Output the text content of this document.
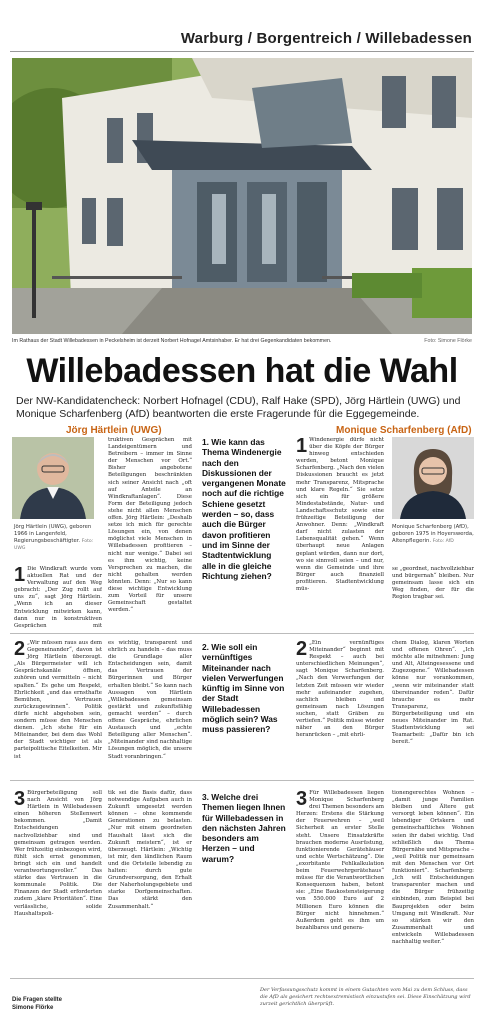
Warburg / Borgentreich / Willebadessen
Im Rathaus der Stadt Willebadessen in Peckelsheim ist derzeit Norbert Hofnagel Amtsinhaber. Er hat drei Gegenkandidaten bekommen.	Foto: Simone Flörke
Willebadessen hat die Wahl
Der NW-Kandidatencheck: Norbert Hofnagel (CDU), Ralf Hake (SPD), Jörg Härtlein (UWG) und Monique Scharfenberg (AfD) beantworten die erste Fragerunde für die Eggegemeinde.
Jörg Härtlein (UWG)	Monique Scharfenberg (AfD)
Jörg Härtlein (UWG), geboren 1966 in Langenfeld, Regierungsbeschäftigter. Foto: UWG
Monique Scharfenberg (AfD), geboren 1975 in Hoyerswerda, Altenpflegerin. Foto: AfD
1 Die Windkraft wurde vom aktuellen Rat und der Verwaltung auf den Weg gebracht: „Der Zug rollt auf uns zu“, sagt Jörg Härtlein. „Wenn ich an dieser Entwicklung mitwirken kann, dann nur in konstruktiven Gesprächen mit
truktiven Gesprächen mit Landeigentümern und Betreibern – immer im Sinne der Menschen vor Ort.“ Bisher angebotene Beteiligungen beschränkten sich seiner Ansicht nach „oft auf Anteile an Windkraftanlagen“. Diese Form der Beteiligung jedoch stehe nicht allen Menschen offen. Jörg Härtlein: „Deshalb setze ich mich für gerechte Lösungen ein, von denen möglichst viele Menschen in Willebadessen profitieren – nicht nur wenige.“ Dabei sei es ihm wichtig, keine Versprechen zu machen, die nicht gehalten werden könnten. Denn: „Nur so kann diese wichtige Entwicklung zum Vorteil für unsere Gemeinschaft gestaltet werden.“
1. Wie kann das Thema Windenergie nach den Diskussionen der vergangenen Monate noch auf die richtige Schiene gesetzt werden – so, dass auch die Bürger davon profitieren und im Sinne der Stadtentwicklung alle in die gleiche Richtung ziehen?
1 Windenergie dürfe nicht über die Köpfe der Bürger hinweg entschieden werden, betont Monique Scharfenberg. „Nach den vielen Diskussionen braucht es jetzt mehr Transparenz, Mitsprache und klare Regeln.“ Sie setze sich ein für größere Mindestabstände, Natur- und Landschaftsschutz sowie eine frühzeitige Beteiligung der Anwohner. Denn: „Windkraft darf nicht zulasten der Lebensqualität gehen.“ Wenn überhaupt neue Anlagen geplant würden, dann nur dort, wo sie sinnvoll seien – und nur, wenn die Gemeinde und ihre Bürger auch finanziell profitieren. Stadtentwicklung müs-
se „geordnet, nachvollziehbar und bürgernah“ bleiben. Nur gemeinsam lasse sich ein Weg finden, der für die Region tragbar sei.
2 „Wir müssen raus aus dem Gegeneinander“, davon ist Jörg Härtlein überzeugt. „Als Bürgermeister will ich Gesprächskanäle öffnen, zuhören und vermitteln – nicht spalten.“ Es gehe um Respekt, Ehrlichkeit „und das ernsthafte Bemühen, Vertrauen zurückzugewinnen“. Politik dürfe nicht abgehoben sein, sondern müsse den Menschen dienen. „Ich stehe für ein Miteinander, bei dem das Wohl der Stadt wichtiger ist als parteipolitische Eitelkeiten. Mir ist
es wichtig, transparent und ehrlich zu handeln – das muss die Grundlage aller Entscheidungen sein, damit das Vertrauen der Bürgerinnen und Bürger erhalten bleibt.“ So kann nach Aussagen von Härtlein „Willebadessen gemeinsam gestärkt und zukunftsfähig gemacht werden“ – durch offene Gespräche, ehrlichen Austausch und „echte Beteiligung aller Menschen“. „Miteinander sind nachhaltige Lösungen möglich, die unsere Stadt voranbringen.“
2. Wie soll ein vernünftiges Miteinander nach vielen Verwerfungen künftig im Sinne von der Stadt Willebadessen möglich sein? Was muss passieren?
2 „Ein vernünftiges Miteinander“ beginnt mit Respekt – auch bei unterschiedlichen Meinungen“, sagt Monique Scharfenberg. „Nach den Verwerfungen der letzten Zeit müssen wir wieder mehr aufeinander zugehen, sachlich bleiben und gemeinsam nach Lösungen suchen, statt Gräben zu vertiefen.“ Politik müsse wieder näher an den Bürger heranrücken – „mit ehrli-
chem Dialog, klaren Worten und offenen Ohren“. „Ich möchte alle mitnehmen: Jung und Alt, Alteingesessene und Zugezogene.“ Willebadessen könne nur vorankommen, „wenn wir miteinander statt übereinander reden“. Dafür brauche es mehr Transparenz, Bürgerbeteiligung und ein neues Miteinander im Rat. Stadtentwicklung sei Teamarbeit: „Dafür bin ich bereit.“
3 Bürgerbeteiligung soll nach Ansicht von Jörg Härtlein in Willebadessen einen höheren Stellenwert bekommen. „Damit Entscheidungen nachvollziehbar sind und gemeinsam getragen werden. Wer frühzeitig einbezogen wird, fühlt sich ernst genommen, bringt sich ein und handelt verantwortungsvoller.“ Das stärke das Vertrauen in die kommunale Politik. Die Finanzen der Stadt erforderten zudem „klare Prioritäten“. Eine verlässliche, solide Haushaltspoli-
tik sei die Basis dafür, dass notwendige Aufgaben auch in Zukunft umgesetzt werden können – ohne kommende Generationen zu belasten. „Nur mit einem geordneten Haushalt lässt sich die Zukunft meistern“, ist er überzeugt. Härtlein: „Wichtig ist mir, den ländlichen Raum und die Ortsteile lebendig zu halten: durch gute Grundversorgung, den Erhalt der Naherholungsgebiete und starke Dorfgemeinschaften. Das stärkt den Zusammenhalt.“
3. Welche drei Themen liegen Ihnen für Willebadessen in den nächsten Jahren besonders am Herzen – und warum?
3 Für Willebadessen liegen Monique Scharfenberg drei Themen besonders am Herzen: Erstens die Stärkung der Feuerwehren – „weil Sicherheit an erster Stelle steht. Unsere Einsatzkräfte brauchen moderne Ausrüstung, funktionierende Gerätehäuser und echte Wertschätzung“. Die „exorbitante Fehlkalkulation beim Feuerwehrgerätehaus“ müsse für die Verantwortlichen Konsequenzen haben, betont sie: „Eine Baukostensteigerung von 550.000 Euro auf 2 Millionen Euro können die Bürger nicht hinnehmen.“ Außerdem geht es ihm um bezahlbares und genera-
tionengerechtes Wohnen – „damit junge Familien bleiben und Ältere gut versorgt leben können“. Ein lebendiger Ortskern und gemeinschaftliches Wohnen seien ihr dabei wichtig. Und schließlich das Thema Bürgernähe und Mitsprache – „weil Politik nur gemeinsam mit den Menschen vor Ort funktioniert“. Scharfenberg: „Ich will Entscheidungen transparenter machen und die Bürger frühzeitig einbinden, zum Beispiel bei Bauprojekten oder beim Umgang mit Windkraft. Nur so stärken wir den Zusammenhalt und entwickeln Willebadessen nachhaltig weiter.“
Die Fragen stellte
Simone Flörke
Der Verfassungsschutz kommt in einem Gutachten vom Mai zu dem Schluss, dass die AfD als gesichert rechtsextremistisch einzustufen sei. Diese Einschätzung wird zurzeit gerichtlich überprüft.
